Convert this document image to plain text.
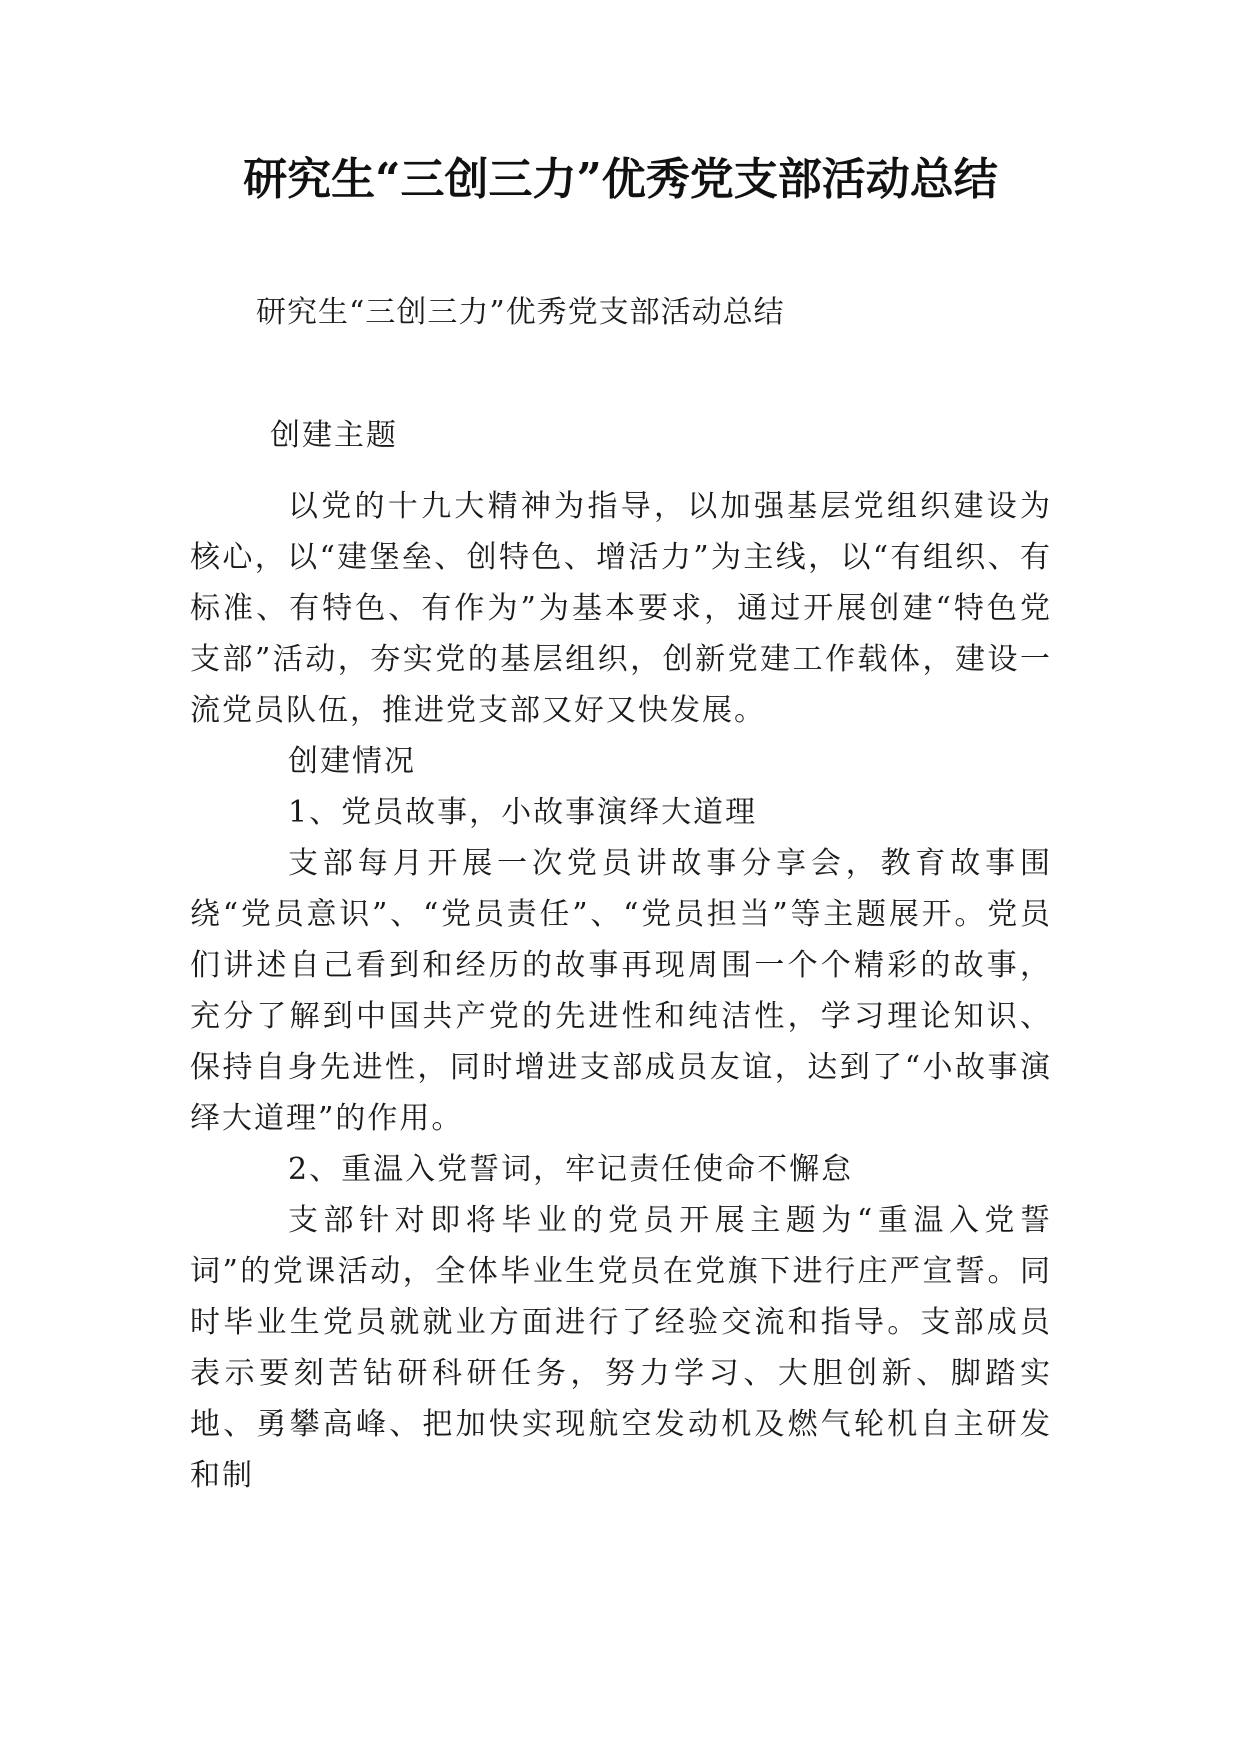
研究生“三创三力”优秀党支部活动总结
研究生“三创三力”优秀党支部活动总结

创建主题

以党的十九大精神为指导，以加强基层党组织建设为核心，以“建堡垒、创特色、增活力”为主线，以“有组织、有标准、有特色、有作为”为基本要求，通过开展创建“特色党支部”活动，夯实党的基层组织，创新党建工作载体，建设一流党员队伍，推进党支部又好又快发展。

创建情况

1、党员故事，小故事演绎大道理

支部每月开展一次党员讲故事分享会，教育故事围绕“党员意识”、“党员责任”、“党员担当”等主题展开。党员们讲述自己看到和经历的故事再现周围一个个精彩的故事，充分了解到中国共产党的先进性和纯洁性，学习理论知识、保持自身先进性，同时增进支部成员友谊，达到了“小故事演绎大道理”的作用。

2、重温入党誓词，牢记责任使命不懈怠

支部针对即将毕业的党员开展主题为“重温入党誓词”的党课活动，全体毕业生党员在党旗下进行庄严宣誓。同时毕业生党员就就业方面进行了经验交流和指导。支部成员表示要刻苦钻研科研任务，努力学习、大胆创新、脚踏实地、勇攀高峰、把加快实现航空发动机及燃气轮机自主研发和制
